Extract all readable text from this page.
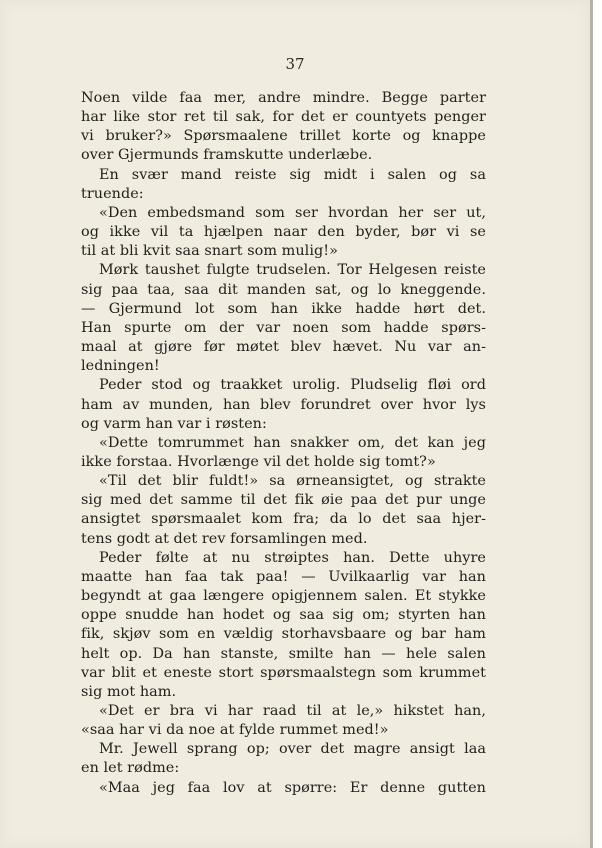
37
Noen vilde faa mer, andre mindre. Begge parter
har like stor ret til sak, for det er countyets penger
vi bruker?» Spørsmaalene trillet korte og knappe
over Gjermunds framskutte underlæbe.
En svær mand reiste sig midt i salen og sa
truende:
«Den embedsmand som ser hvordan her ser ut,
og ikke vil ta hjælpen naar den byder, bør vi se
til at bli kvit saa snart som mulig!»
Mørk taushet fulgte trudselen. Tor Helgesen reiste
sig paa taa, saa dit manden sat, og lo kneggende.
— Gjermund lot som han ikke hadde hørt det.
Han spurte om der var noen som hadde spørs-
maal at gjøre før møtet blev hævet. Nu var an-
ledningen!
Peder stod og traakket urolig. Pludselig fløi ord
ham av munden, han blev forundret over hvor lys
og varm han var i røsten:
«Dette tomrummet han snakker om, det kan jeg
ikke forstaa. Hvorlænge vil det holde sig tomt?»
«Til det blir fuldt!» sa ørneansigtet, og strakte
sig med det samme til det fik øie paa det pur unge
ansigtet spørsmaalet kom fra; da lo det saa hjer-
tens godt at det rev forsamlingen med.
Peder følte at nu strøiptes han. Dette uhyre
maatte han faa tak paa! — Uvilkaarlig var han
begyndt at gaa længere opigjennem salen. Et stykke
oppe snudde han hodet og saa sig om; styrten han
fik, skjøv som en vældig storhavsbaare og bar ham
helt op. Da han stanste, smilte han — hele salen
var blit et eneste stort spørsmaalstegn som krummet
sig mot ham.
«Det er bra vi har raad til at le,» hikstet han,
«saa har vi da noe at fylde rummet med!»
Mr. Jewell sprang op; over det magre ansigt laa
en let rødme:
«Maa jeg faa lov at spørre: Er denne gutten
